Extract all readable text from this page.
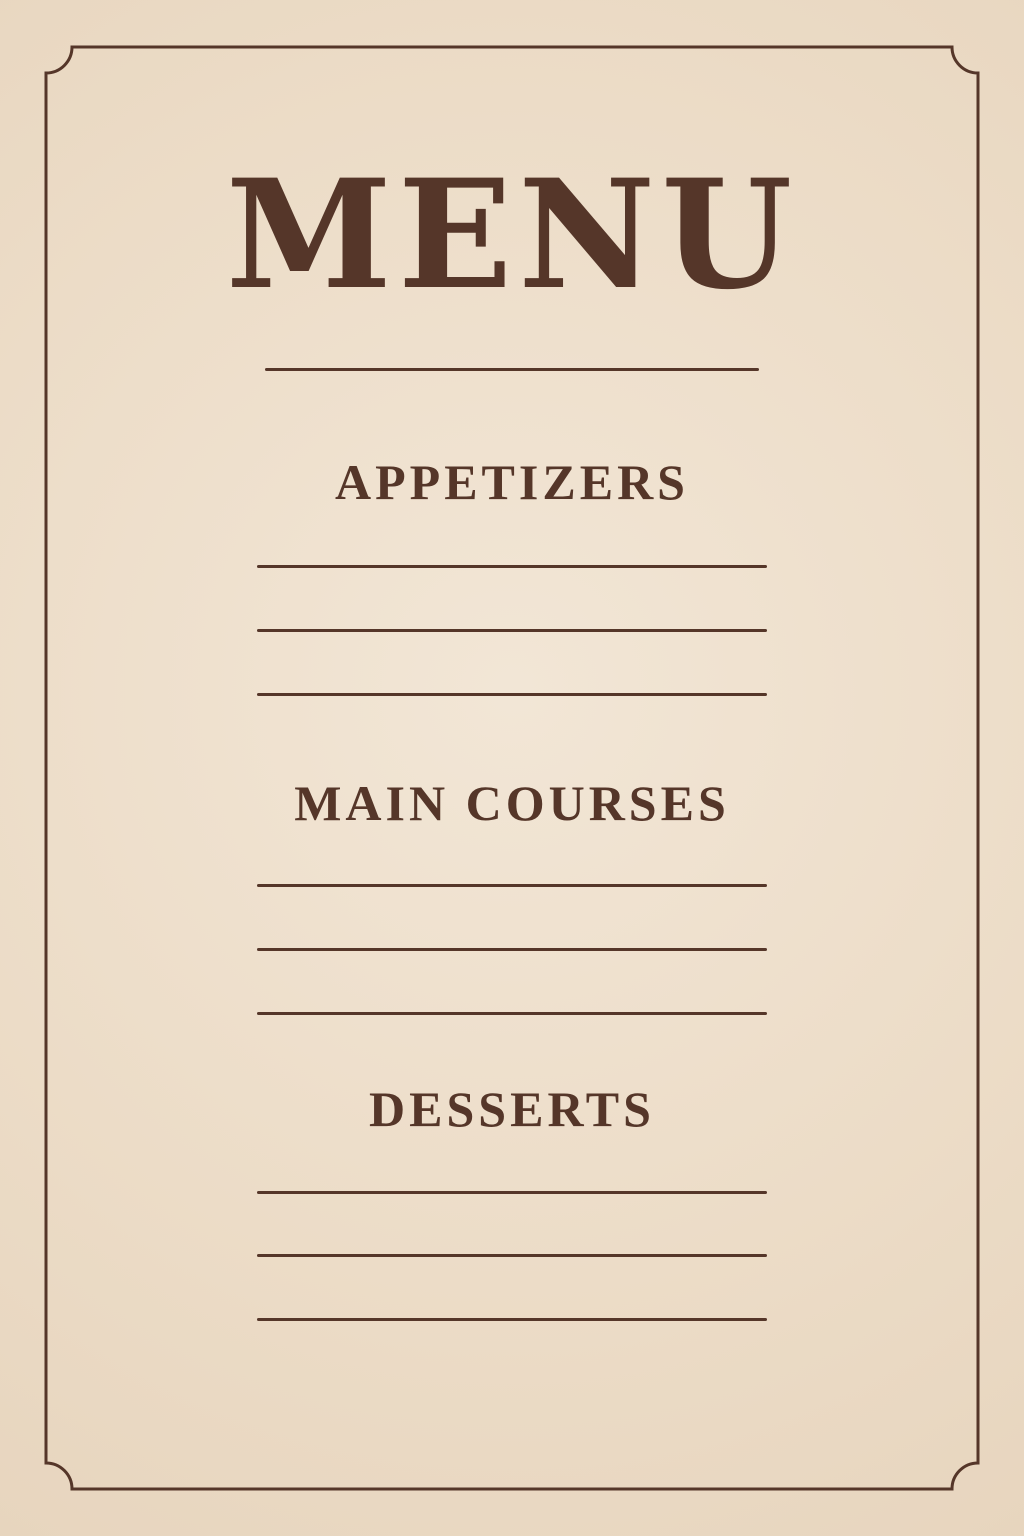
MENU
APPETIZERS
MAIN COURSES
DESSERTS
